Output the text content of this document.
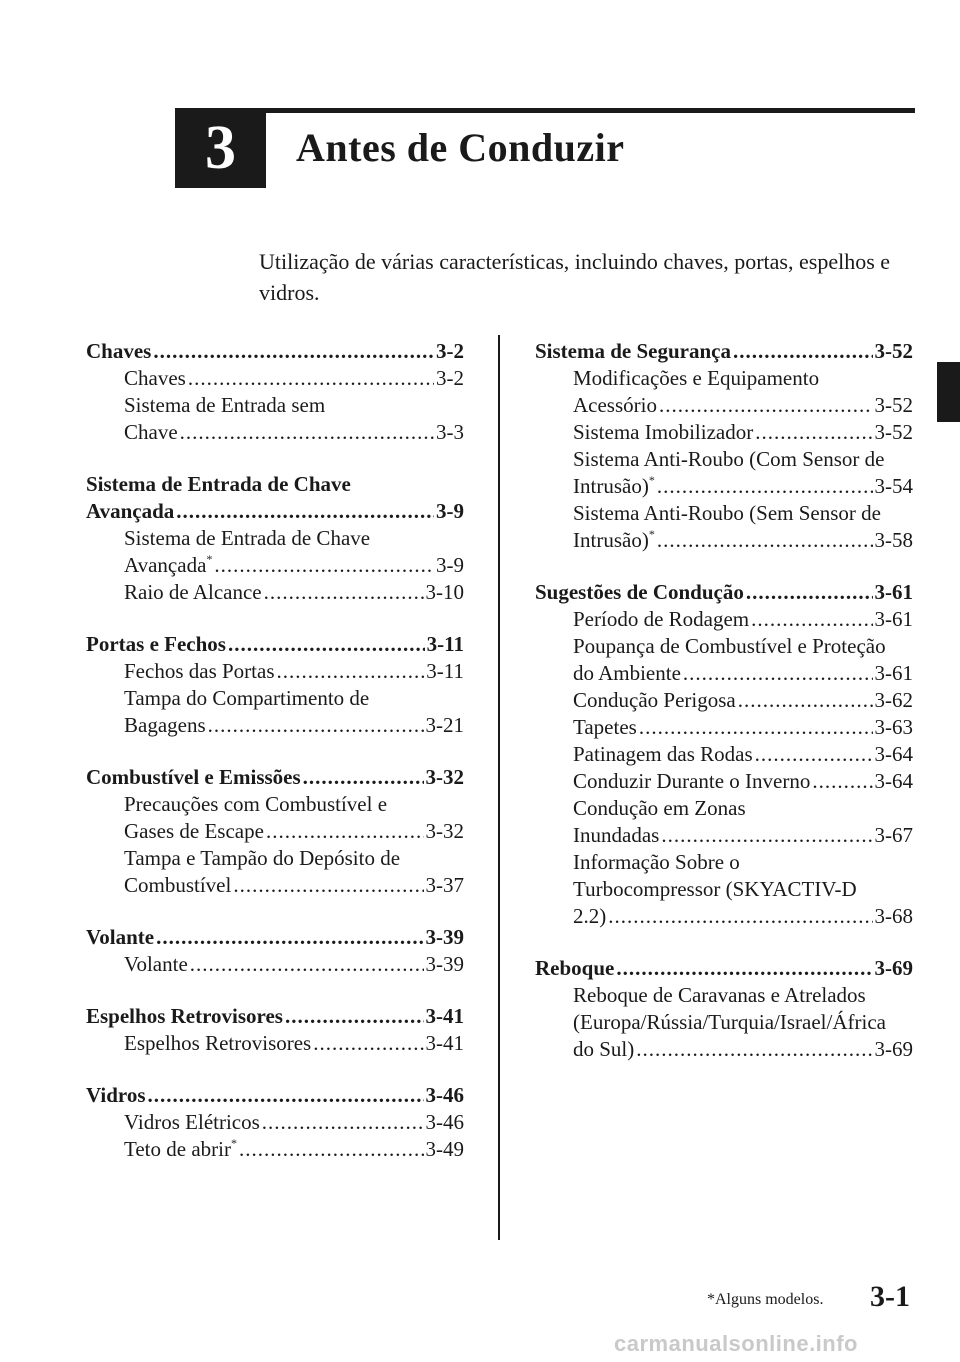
3 Antes de Conduzir
Utilização de várias características, incluindo chaves, portas, espelhos e vidros.
Chaves .....	3-2
Chaves .....	3-2
Sistema de Entrada sem
Chave .....	3-3
Sistema de Entrada de Chave
Avançada .....	3-9
Sistema de Entrada de Chave
Avançada* .....	3-9
Raio de Alcance .....	3-10
Portas e Fechos .....	3-11
Fechos das Portas .....	3-11
Tampa do Compartimento de
Bagagens .....	3-21
Combustível e Emissões .....	3-32
Precauções com Combustível e
Gases de Escape .....	3-32
Tampa e Tampão do Depósito de
Combustível .....	3-37
Volante .....	3-39
Volante .....	3-39
Espelhos Retrovisores .....	3-41
Espelhos Retrovisores .....	3-41
Vidros .....	3-46
Vidros Elétricos .....	3-46
Teto de abrir* .....	3-49
Sistema de Segurança .....	3-52
Modificações e Equipamento
Acessório .....	3-52
Sistema Imobilizador .....	3-52
Sistema Anti-Roubo (Com Sensor de
Intrusão)* .....	3-54
Sistema Anti-Roubo (Sem Sensor de
Intrusão)* .....	3-58
Sugestões de Condução .....	3-61
Período de Rodagem .....	3-61
Poupança de Combustível e Proteção
do Ambiente .....	3-61
Condução Perigosa .....	3-62
Tapetes .....	3-63
Patinagem das Rodas .....	3-64
Conduzir Durante o Inverno .....	3-64
Condução em Zonas
Inundadas .....	3-67
Informação Sobre o
Turbocompressor (SKYACTIV-D
2.2) .....	3-68
Reboque .....	3-69
Reboque de Caravanas e Atrelados
(Europa/Rússia/Turquia/Israel/África
do Sul) .....	3-69
*Alguns modelos. 3-1
carmanualsonline.info
